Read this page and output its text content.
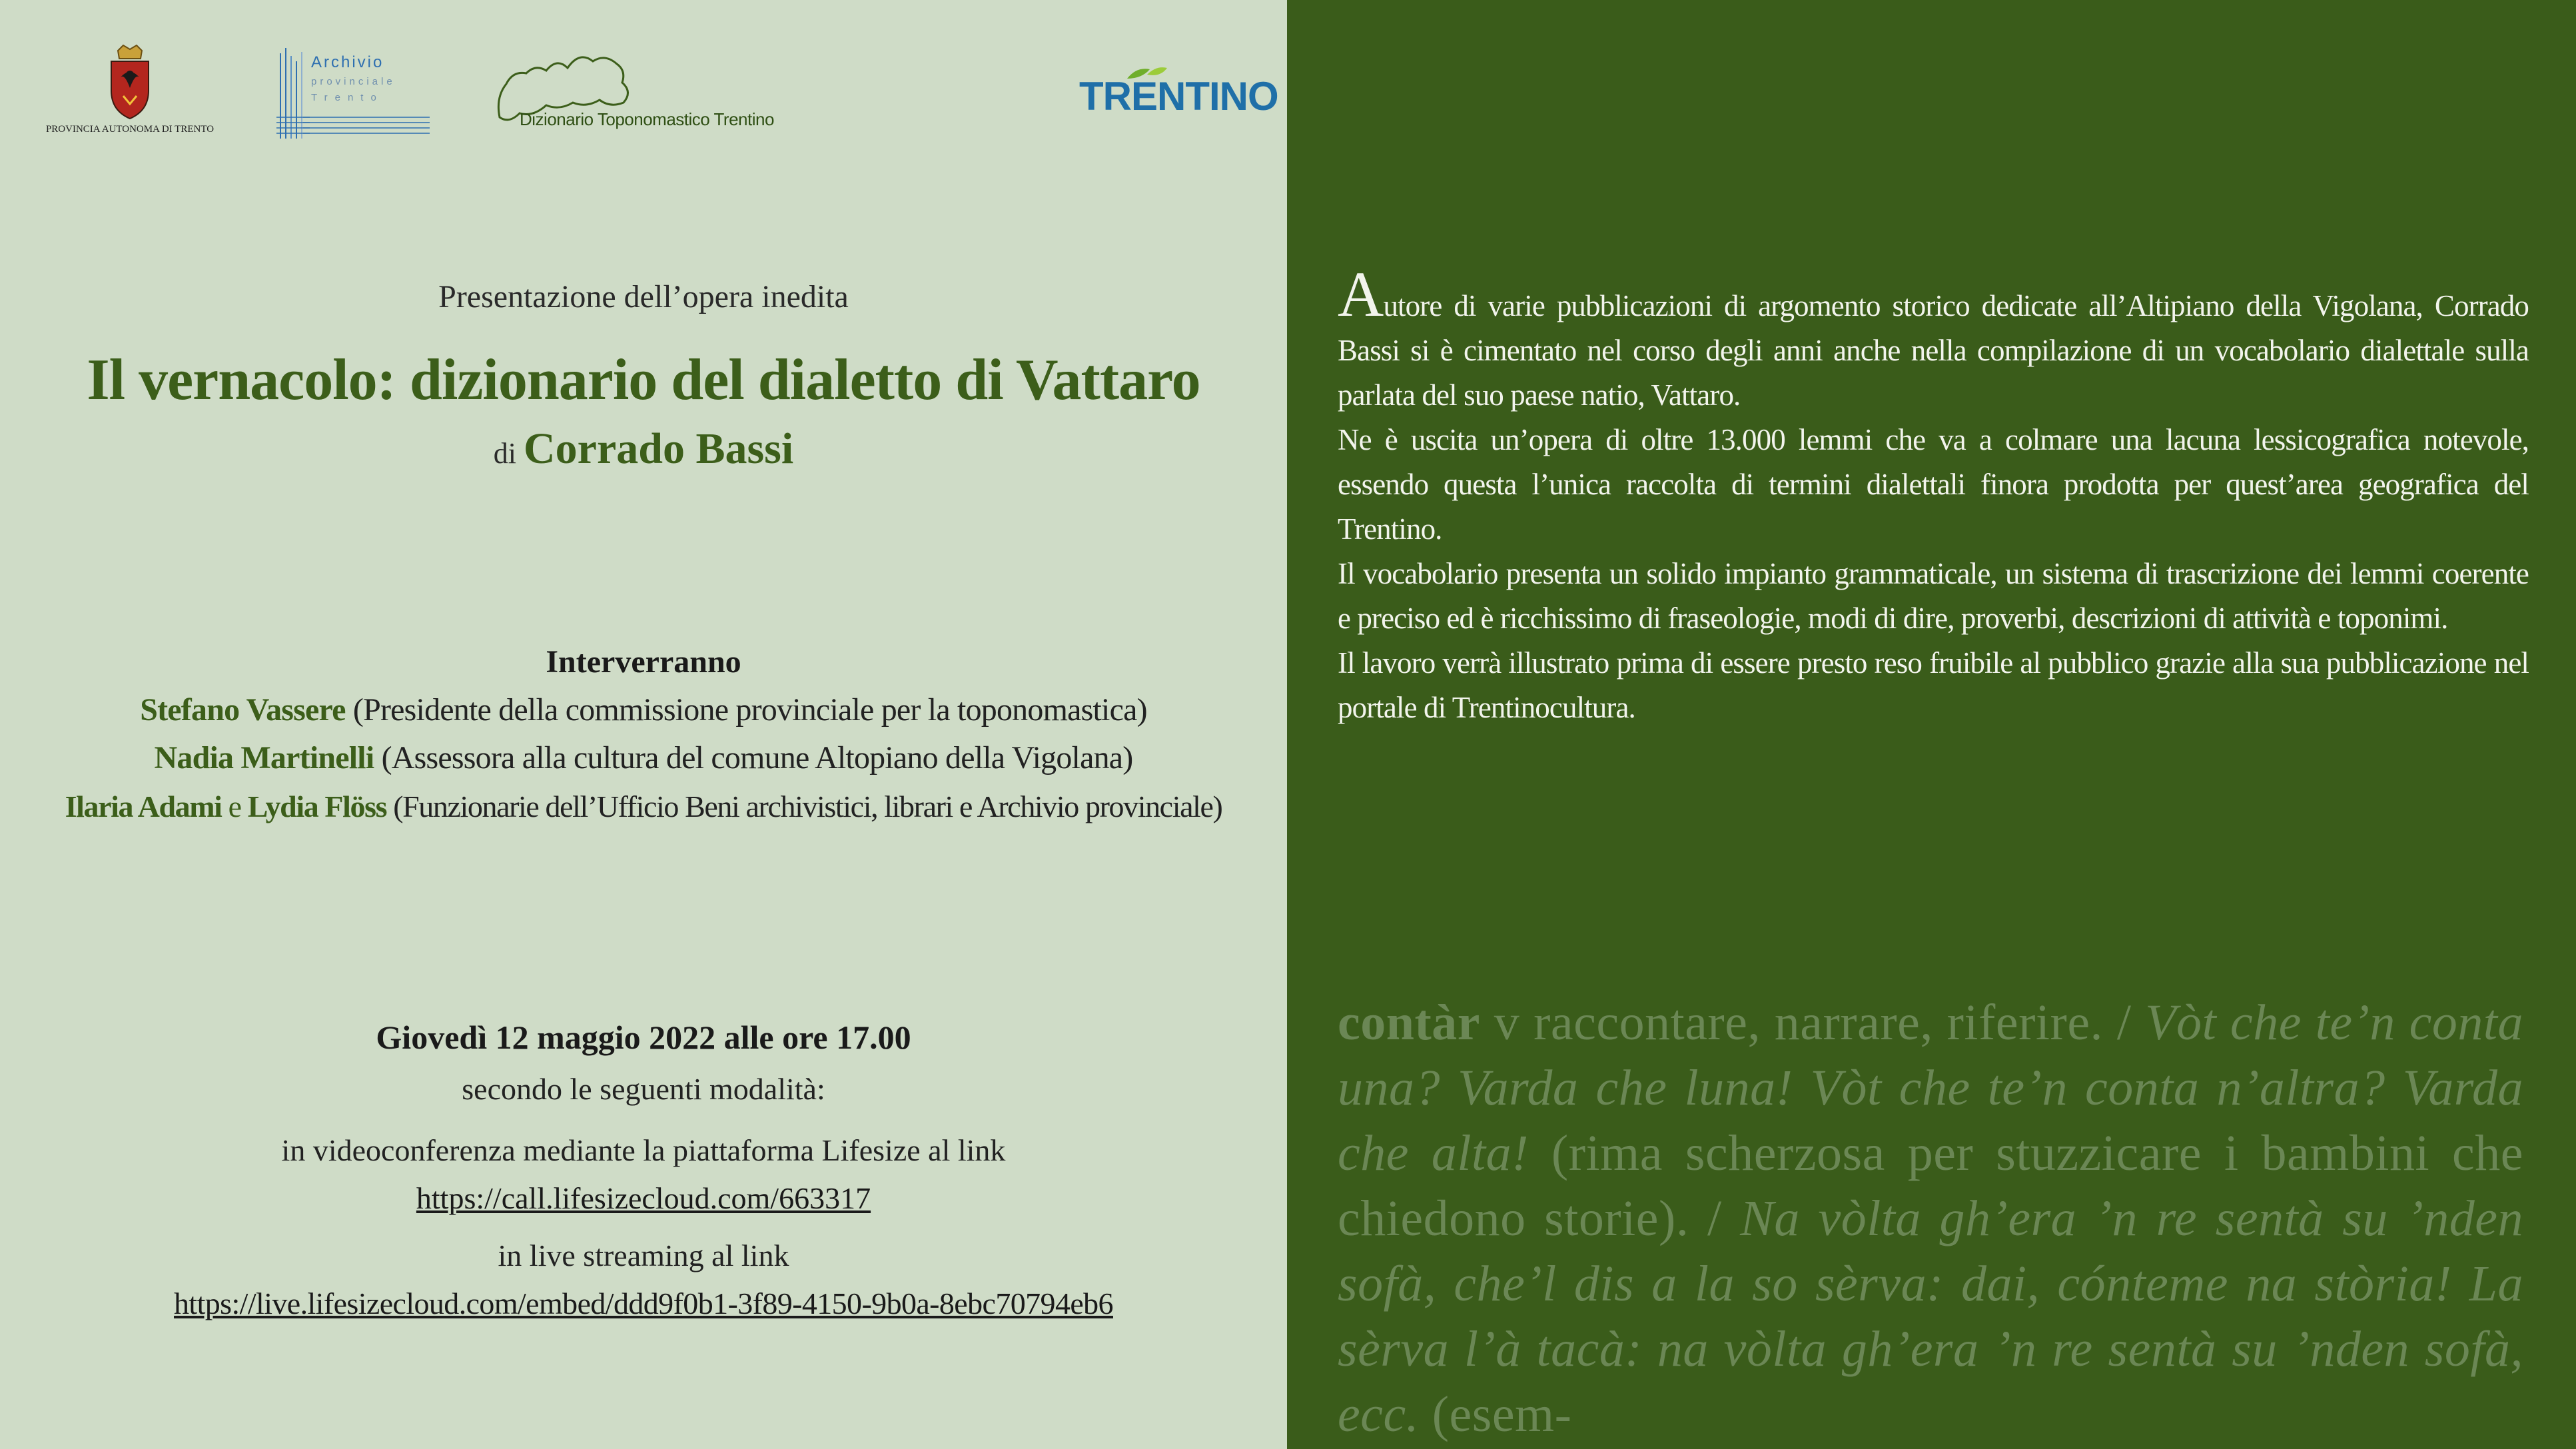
PROVINCIA AUTONOMA DI TRENTO
Archivio
provinciale
Trento
Dizionario Toponomastico Trentino
TRENTINO
Presentazione dell’opera inedita
Il vernacolo: dizionario del dialetto di Vattaro
di Corrado Bassi
Interverranno
Stefano Vassere (Presidente della commissione provinciale per la toponomastica)
Nadia Martinelli (Assessora alla cultura del comune Altopiano della Vigolana)
Ilaria Adami e Lydia Flöss (Funzionarie dell’Ufficio Beni archivistici, librari e Archivio provinciale)
Giovedì 12 maggio 2022 alle ore 17.00
secondo le seguenti modalità:
in videoconferenza mediante la piattaforma Lifesize al link
https://call.lifesizecloud.com/663317
in live streaming al link
https://live.lifesizecloud.com/embed/ddd9f0b1-3f89-4150-9b0a-8ebc70794eb6

Autore di varie pubblicazioni di argomento storico dedicate all’Altipiano della Vigolana, Corrado Bassi si è cimentato nel corso degli anni anche nella compilazione di un vocabolario dialettale sulla parlata del suo paese natio, Vattaro.

Ne è uscita un’opera di oltre 13.000 lemmi che va a colmare una lacuna lessicografica notevole, essendo questa l’unica raccolta di termini dialettali finora prodotta per quest’area geografica del Trentino.

Il vocabolario presenta un solido impianto grammaticale, un sistema di trascrizione dei lemmi coerente e preciso ed è ricchissimo di fraseologie, modi di dire, proverbi, descrizioni di attività e toponimi.

Il lavoro verrà illustrato prima di essere presto reso fruibile al pubblico grazie alla sua pubblicazione nel portale di Trentinocultura.

contàr v raccontare, narrare, riferire. / Vòt che te’n conta una? Varda che luna! Vòt che te’n conta n’altra? Varda che alta! (rima scherzosa per stuzzicare i bambini che chiedono storie). / Na vòlta gh’era ’n re sentà su ’nden sofà, che’l dis a la so sèrva: dai, cónteme na stòria! La sèrva l’à tacà: na vòlta gh’era ’n re sentà su ’nden sofà, ecc. (esem-
